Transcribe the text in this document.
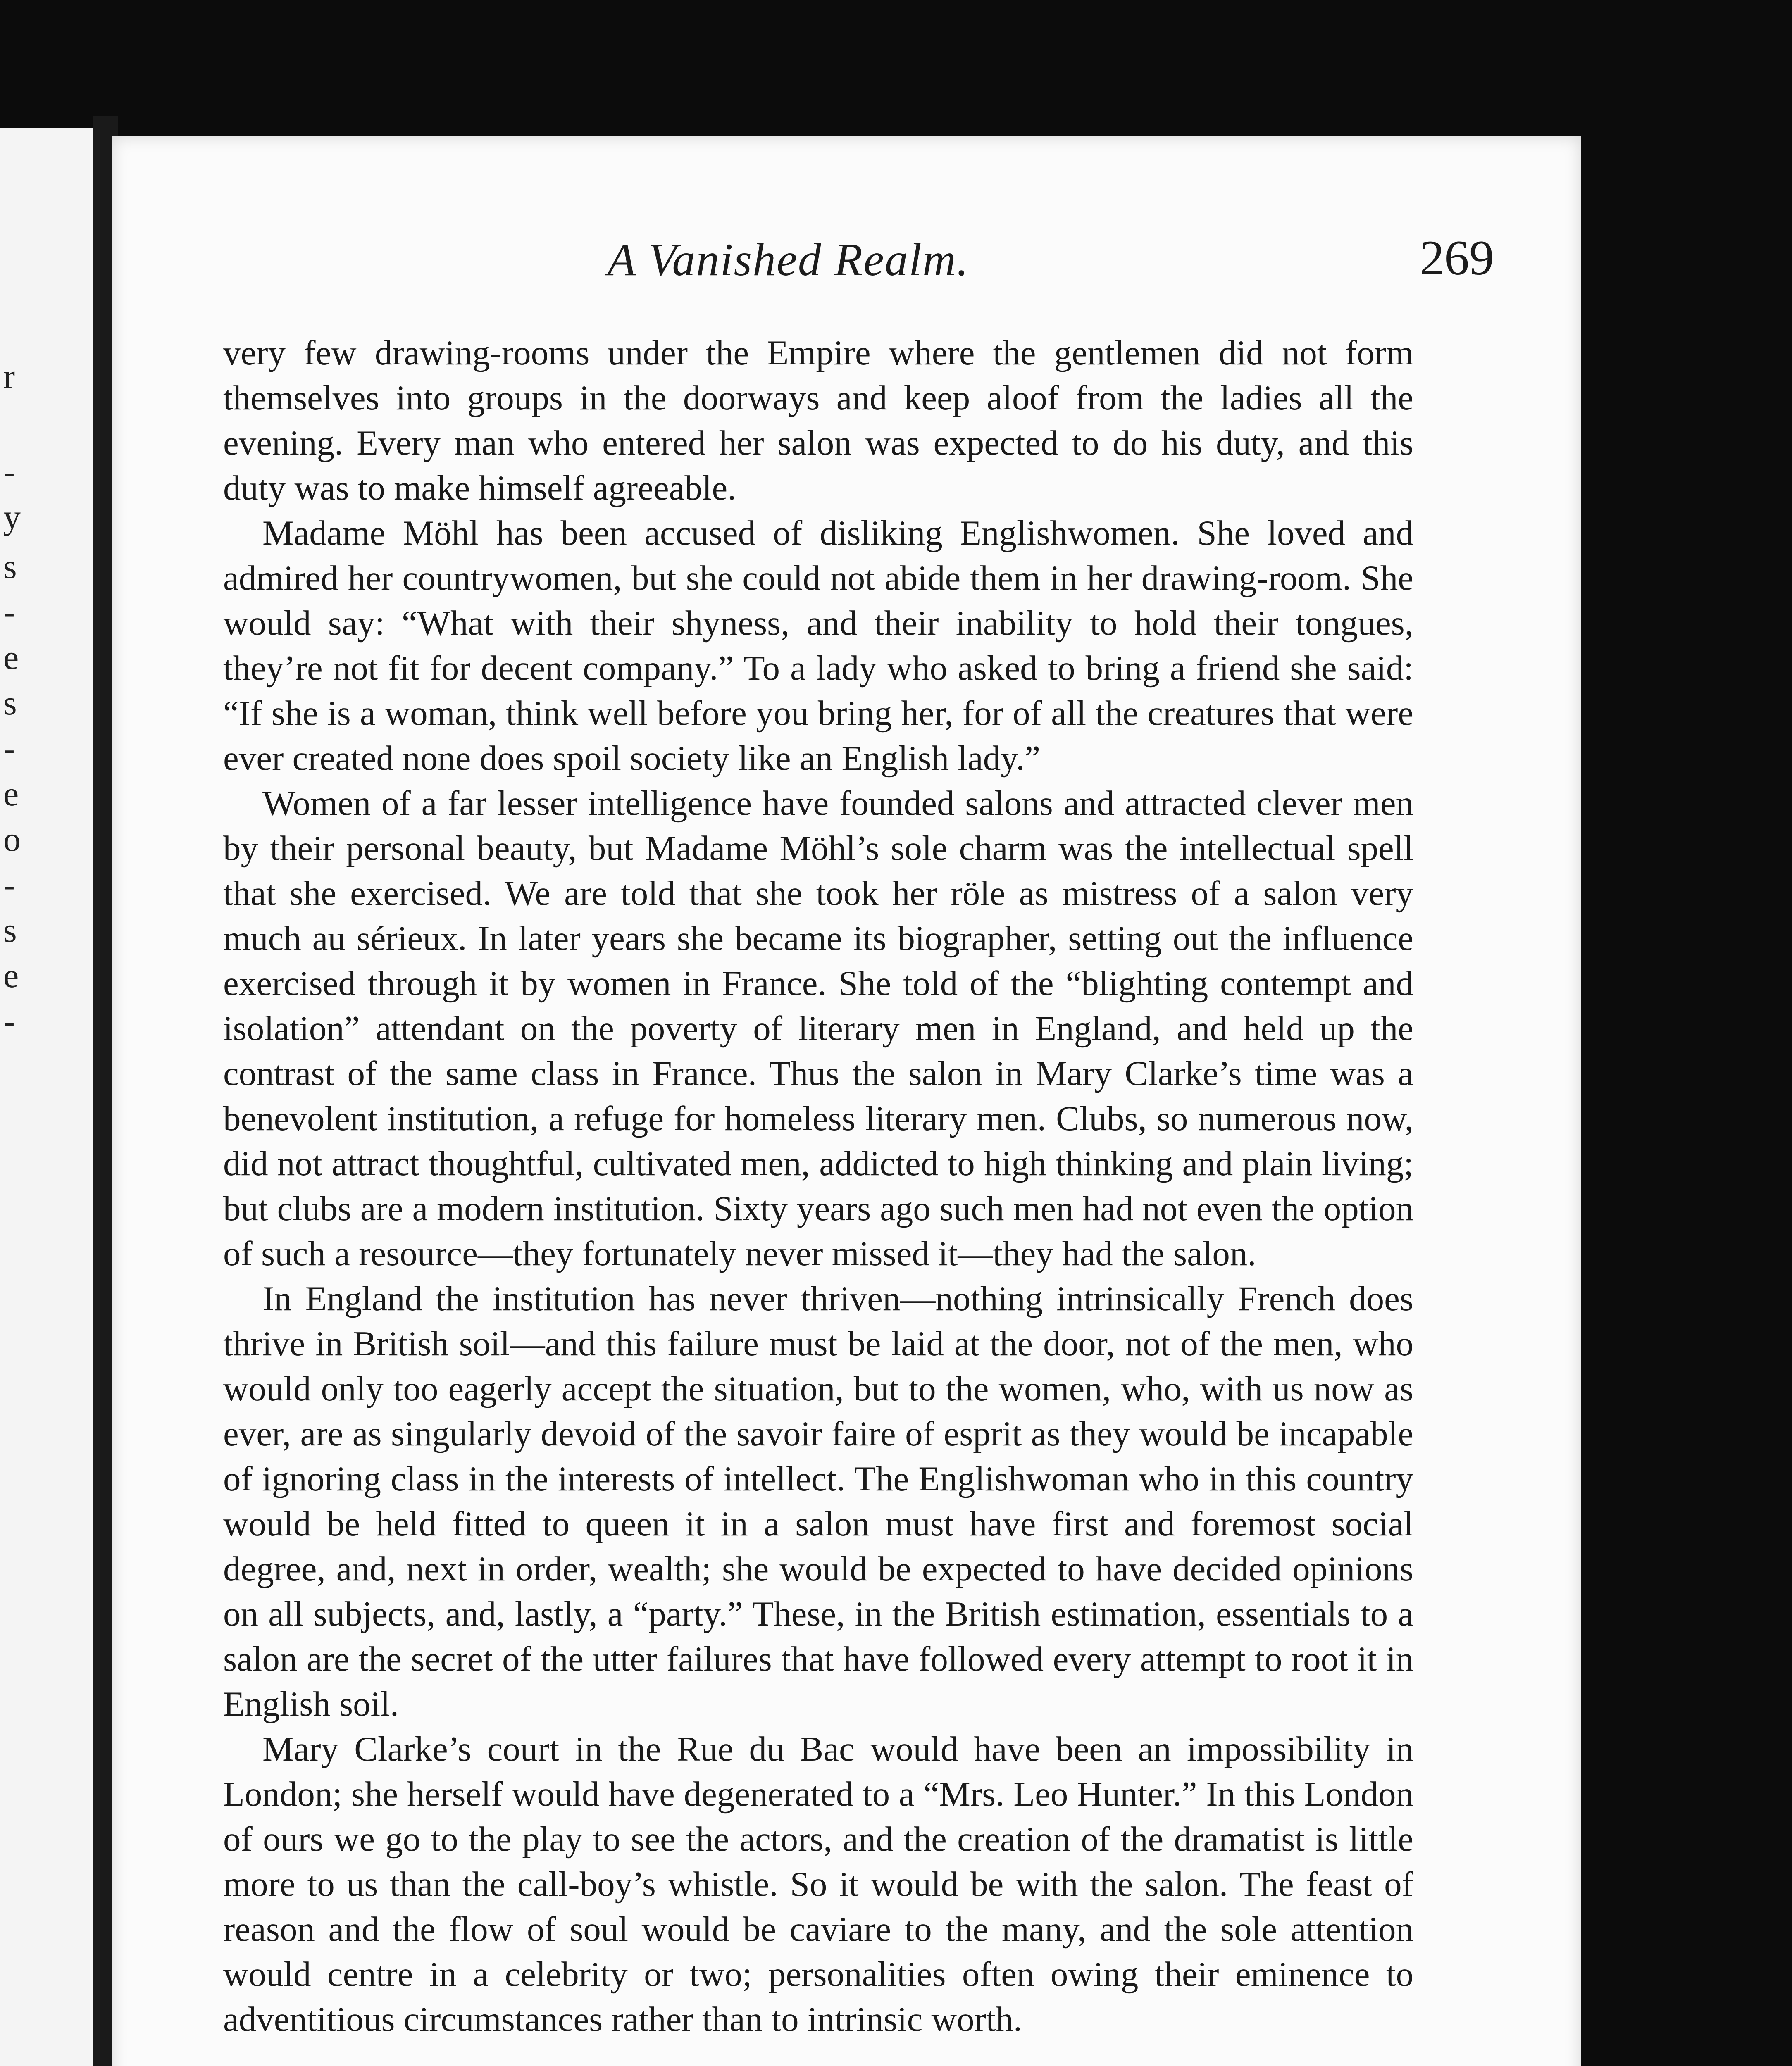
r
-
y
s
-
e
s
-
e
o
-
s
e
-
A Vanished Realm.	269

very few drawing-rooms under the Empire where the gentlemen did not form themselves into groups in the doorways and keep aloof from the ladies all the evening. Every man who entered her salon was expected to do his duty, and this duty was to make himself agreeable.

Madame Möhl has been accused of disliking Englishwomen. She loved and admired her countrywomen, but she could not abide them in her drawing-room. She would say: “What with their shyness, and their inability to hold their tongues, they’re not fit for decent company.” To a lady who asked to bring a friend she said: “If she is a woman, think well before you bring her, for of all the creatures that were ever created none does spoil society like an English lady.”

Women of a far lesser intelligence have founded salons and attracted clever men by their personal beauty, but Madame Möhl’s sole charm was the intellectual spell that she exercised. We are told that she took her röle as mistress of a salon very much au sérieux. In later years she became its biographer, setting out the influence exercised through it by women in France. She told of the “blighting contempt and isolation” attendant on the poverty of literary men in England, and held up the contrast of the same class in France. Thus the salon in Mary Clarke’s time was a benevolent institution, a refuge for homeless literary men. Clubs, so numerous now, did not attract thoughtful, cultivated men, addicted to high thinking and plain living; but clubs are a modern institution. Sixty years ago such men had not even the option of such a resource—they fortunately never missed it—they had the salon.

In England the institution has never thriven—nothing intrinsically French does thrive in British soil—and this failure must be laid at the door, not of the men, who would only too eagerly accept the situation, but to the women, who, with us now as ever, are as singularly devoid of the savoir faire of esprit as they would be incapable of ignoring class in the interests of intellect. The Englishwoman who in this country would be held fitted to queen it in a salon must have first and foremost social degree, and, next in order, wealth; she would be expected to have decided opinions on all subjects, and, lastly, a “party.” These, in the British estimation, essentials to a salon are the secret of the utter failures that have followed every attempt to root it in English soil.

Mary Clarke’s court in the Rue du Bac would have been an impossibility in London; she herself would have degenerated to a “Mrs. Leo Hunter.” In this London of ours we go to the play to see the actors, and the creation of the dramatist is little more to us than the call-boy’s whistle. So it would be with the salon. The feast of reason and the flow of soul would be caviare to the many, and the sole attention would centre in a celebrity or two; personalities often owing their eminence to adventitious circumstances rather than to intrinsic worth.
